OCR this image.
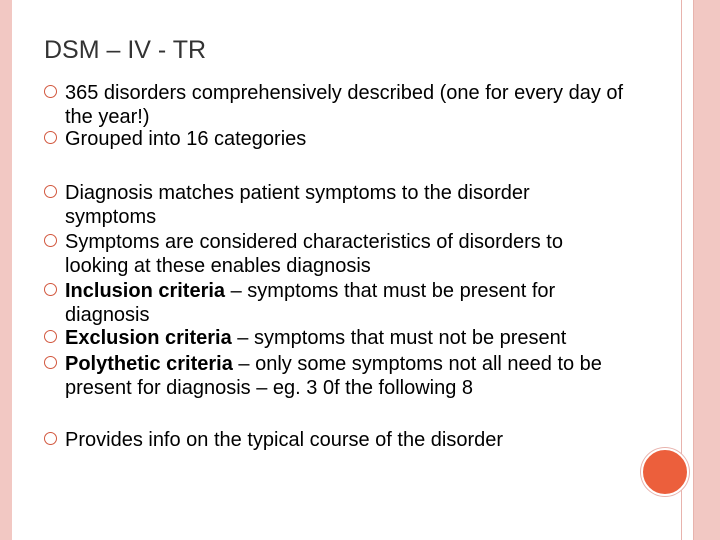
DSM – IV - TR
365 disorders comprehensively described (one for every day of the year!)
Grouped into 16 categories
Diagnosis matches patient symptoms to the disorder symptoms
Symptoms are considered characteristics of disorders to looking at these enables diagnosis
Inclusion criteria – symptoms that must be present for diagnosis
Exclusion criteria – symptoms that must not be present
Polythetic criteria – only some symptoms not all need to be present for diagnosis – eg. 3 0f the following 8
Provides info on the typical course of the disorder
